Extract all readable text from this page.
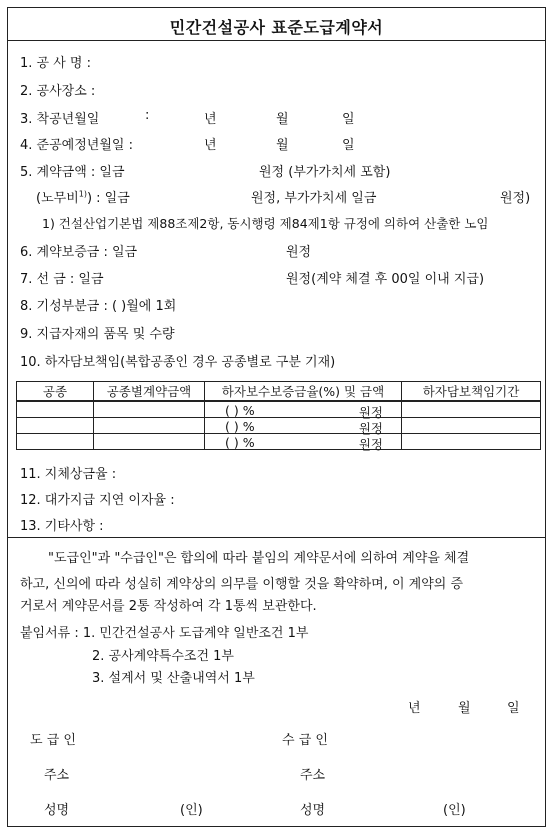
민간건설공사 표준도급계약서
1. 공 사 명 :
2. 공사장소 :
3. 착공년월일	:	년	월	일
4. 준공예정년월일 :	년	월	일
5. 계약금액 : 일금	원정 (부가가치세 포함)
(노무비$^{1)}$) : 일금	원정, 부가가치세 일금	원정)
1) 건설산업기본법 제88조제2항, 동시행령 제84제1항 규정에 의하여 산출한 노임
6. 계약보증금 : 일금	원정
7. 선 금 : 일금	원정(계약 체결 후 00일 이내 지급)
8. 기성부분금 : ( )월에 1회
9. 지급자재의 품목 및 수량
10. 하자담보책임(복합공종인 경우 공종별로 구분 기재)
공종	공종별계약금액	하자보수보증금율(%) 및 금액	하자담보책임기간

		( ) % 원정	

		( ) % 원정	

		( ) % 원정	

11. 지체상금율 :
12. 대가지급 지연 이자율 :
13. 기타사항 :
"도급인"과 "수급인"은 합의에 따라 붙임의 계약문서에 의하여 계약을 체결
하고, 신의에 따라 성실히 계약상의 의무를 이행할 것을 확약하며, 이 계약의 증
거로서 계약문서를 2통 작성하여 각 1통씩 보관한다.
붙임서류 : 1. 민간건설공사 도급계약 일반조건 1부
2. 공사계약특수조건 1부
3. 설계서 및 산출내역서 1부
년	월	일
도 급 인	수 급 인
주소	주소
성명	(인)	성명	(인)
